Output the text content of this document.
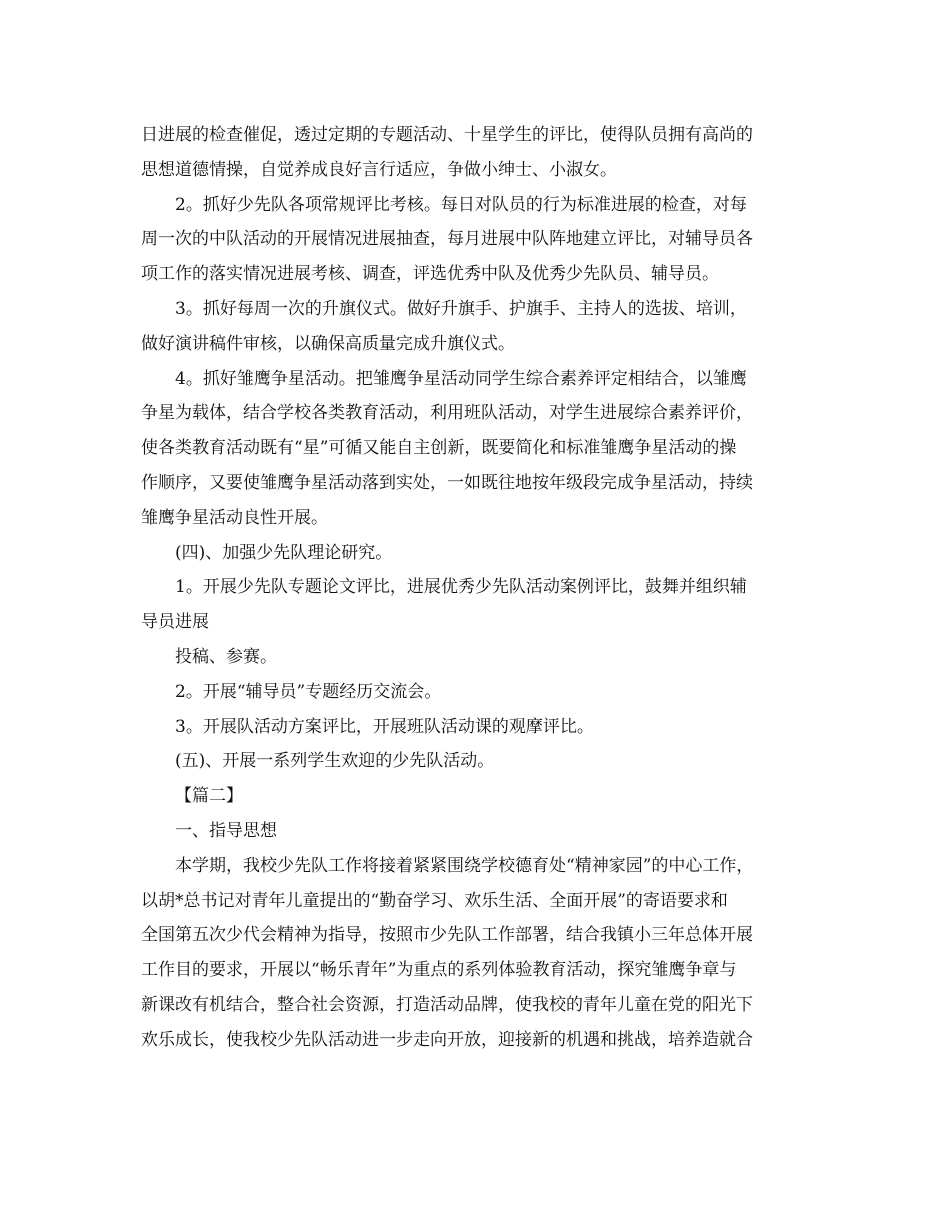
日进展的检查催促，透过定期的专题活动、十星学生的评比，使得队员拥有高尚的

思想道德情操，自觉养成良好言行适应，争做小绅士、小淑女。

2。抓好少先队各项常规评比考核。每日对队员的行为标准进展的检查，对每

周一次的中队活动的开展情况进展抽查，每月进展中队阵地建立评比，对辅导员各

项工作的落实情况进展考核、调查，评选优秀中队及优秀少先队员、辅导员。

3。抓好每周一次的升旗仪式。做好升旗手、护旗手、主持人的选拔、培训，

做好演讲稿件审核，以确保高质量完成升旗仪式。

4。抓好雏鹰争星活动。把雏鹰争星活动同学生综合素养评定相结合，以雏鹰

争星为载体，结合学校各类教育活动，利用班队活动，对学生进展综合素养评价，

使各类教育活动既有“星”可循又能自主创新，既要简化和标准雏鹰争星活动的操

作顺序，又要使雏鹰争星活动落到实处，一如既往地按年级段完成争星活动，持续

雏鹰争星活动良性开展。

(四)、加强少先队理论研究。

1。开展少先队专题论文评比，进展优秀少先队活动案例评比，鼓舞并组织辅

导员进展

投稿、参赛。

2。开展“辅导员”专题经历交流会。

3。开展队活动方案评比，开展班队活动课的观摩评比。

(五)、开展一系列学生欢迎的少先队活动。

【篇二】

一、指导思想

本学期，我校少先队工作将接着紧紧围绕学校德育处“精神家园”的中心工作，

以胡*总书记对青年儿童提出的“勤奋学习、欢乐生活、全面开展”的寄语要求和

全国第五次少代会精神为指导，按照市少先队工作部署，结合我镇小三年总体开展

工作目的要求，开展以“畅乐青年”为重点的系列体验教育活动，探究雏鹰争章与

新课改有机结合，整合社会资源，打造活动品牌，使我校的青年儿童在党的阳光下

欢乐成长，使我校少先队活动进一步走向开放，迎接新的机遇和挑战，培养造就合
